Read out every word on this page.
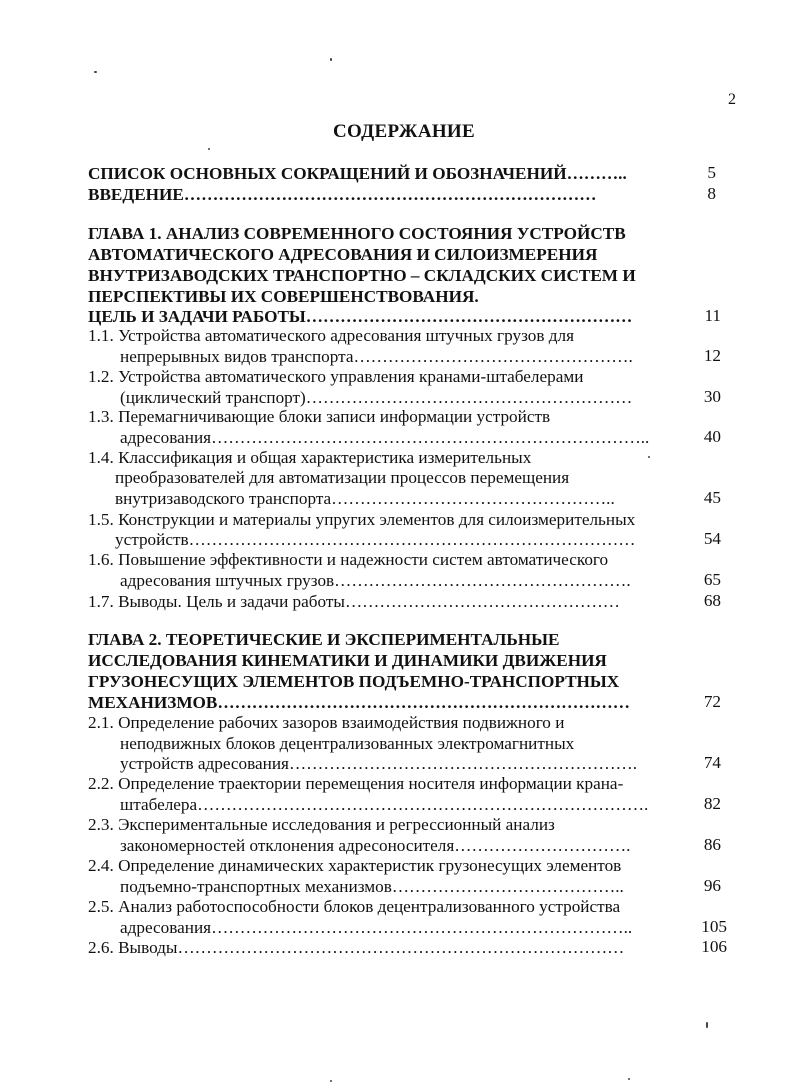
2
СОДЕРЖАНИЕ
СПИСОК ОСНОВНЫХ СОКРАЩЕНИЙ И ОБОЗНАЧЕНИЙ………..	5
ВВЕДЕНИЕ………………………………………………………………	8
ГЛАВА 1. АНАЛИЗ СОВРЕМЕННОГО СОСТОЯНИЯ УСТРОЙСТВ
АВТОМАТИЧЕСКОГО АДРЕСОВАНИЯ И СИЛОИЗМЕРЕНИЯ
ВНУТРИЗАВОДСКИХ ТРАНСПОРТНО – СКЛАДСКИХ СИСТЕМ И
ПЕРСПЕКТИВЫ ИХ СОВЕРШЕНСТВОВАНИЯ.
ЦЕЛЬ И ЗАДАЧИ РАБОТЫ…………………………………………………	11
1.1. Устройства автоматического адресования штучных грузов для
непрерывных видов транспорта………………………………………….	12
1.2. Устройства автоматического управления кранами-штабелерами
(циклический транспорт)…………………………………………………	30
1.3. Перемагничивающие блоки записи информации устройств
адресования…………………………………………………………………..	40
1.4. Классификация и общая характеристика измерительных
преобразователей для автоматизации процессов перемещения
внутризаводского транспорта…………………………………………..	45
1.5. Конструкции и материалы упругих элементов для силоизмерительных
устройств……………………………………………………………………	54
1.6. Повышение эффективности и надежности систем автоматического
адресования штучных грузов…………………………………………….	65
1.7. Выводы. Цель и задачи работы…………………………………………	68
ГЛАВА 2. ТЕОРЕТИЧЕСКИЕ И ЭКСПЕРИМЕНТАЛЬНЫЕ
ИССЛЕДОВАНИЯ КИНЕМАТИКИ И ДИНАМИКИ ДВИЖЕНИЯ
ГРУЗОНЕСУЩИХ ЭЛЕМЕНТОВ ПОДЪЕМНО-ТРАНСПОРТНЫХ
МЕХАНИЗМОВ………………………………………………………………	72
2.1. Определение рабочих зазоров взаимодействия подвижного и
неподвижных блоков децентрализованных электромагнитных
устройств адресования…………………………………………………….	74
2.2. Определение траектории перемещения носителя информации крана-
штабелера…………………………………………………………………….	82
2.3. Экспериментальные исследования и регрессионный анализ
закономерностей отклонения адресоносителя………………………….	86
2.4. Определение динамических характеристик грузонесущих элементов
подъемно-транспортных механизмов…………………………………..	96
2.5. Анализ работоспособности блоков децентрализованного устройства
адресования………………………………………………………………..	105
2.6. Выводы……………………………………………………………………	106
